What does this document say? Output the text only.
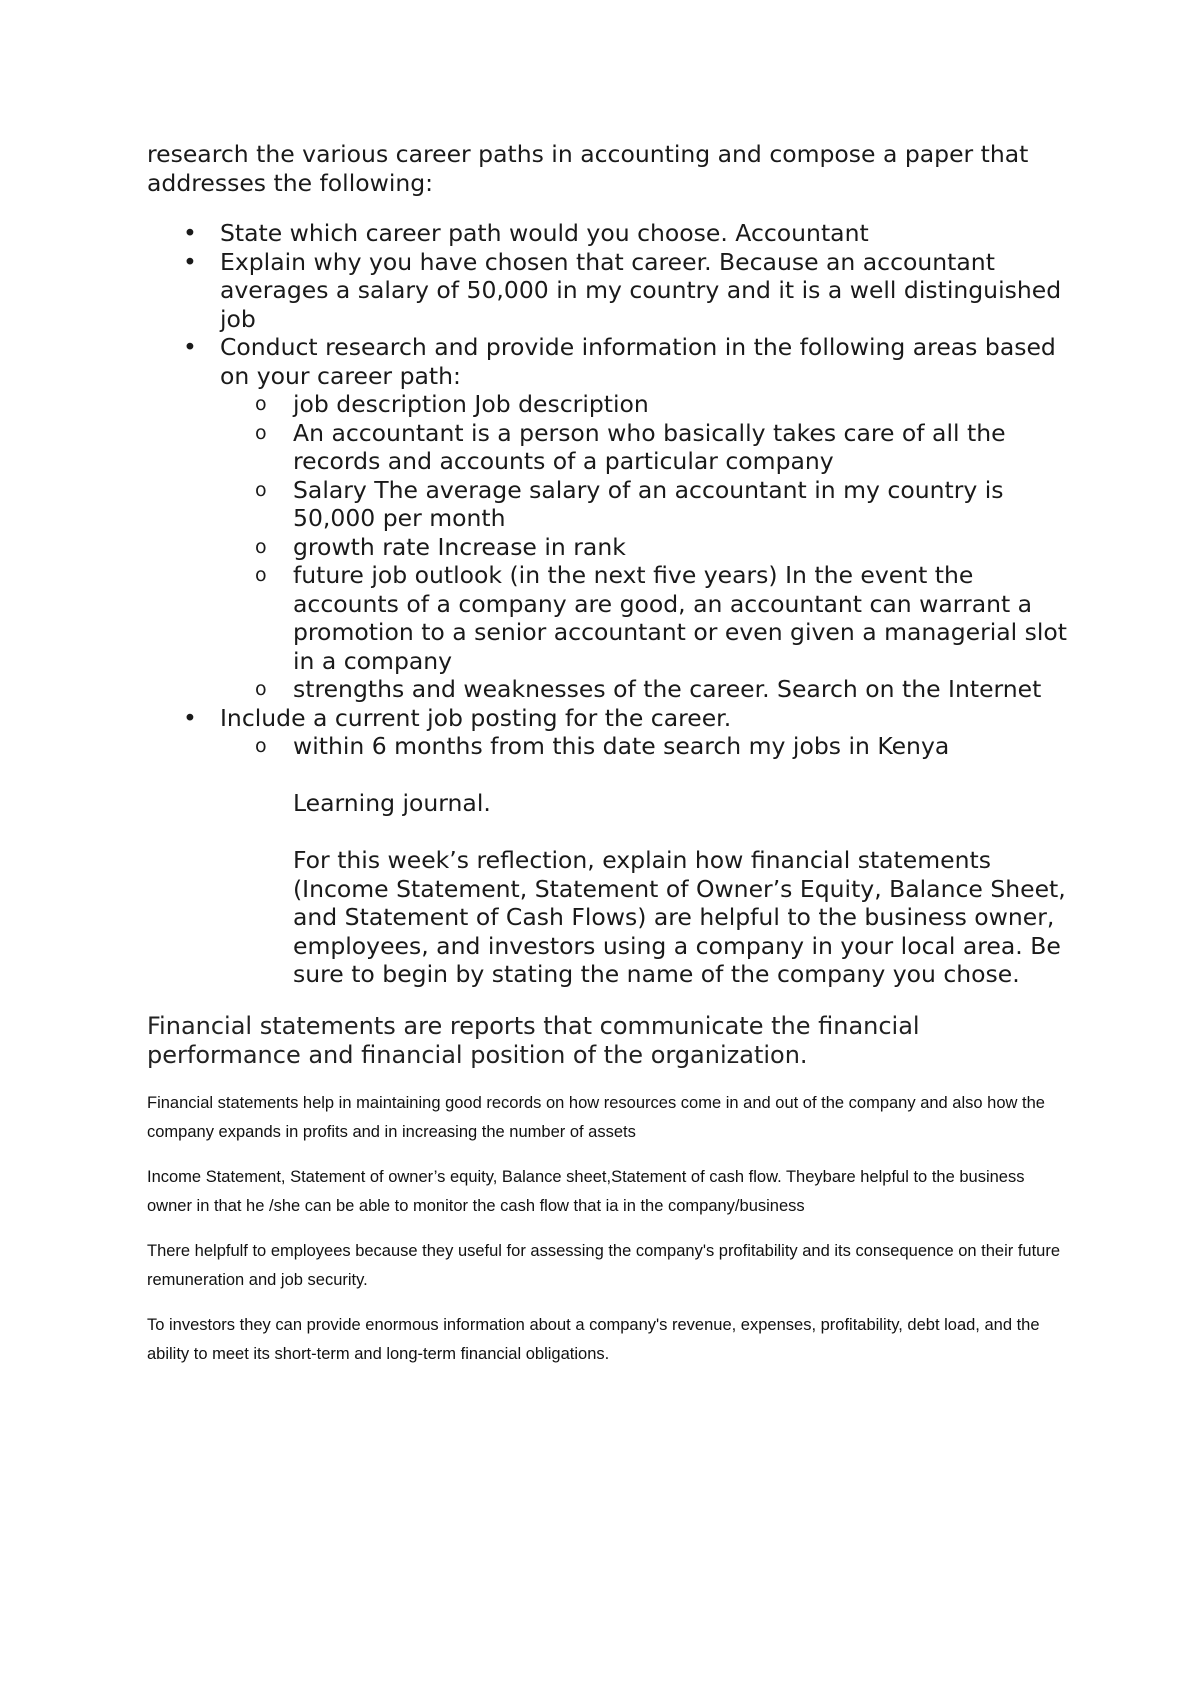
research the various career paths in accounting and compose a paper that addresses the following:

• State which career path would you choose. Accountant
• Explain why you have chosen that career. Because an accountant averages a salary of 50,000 in my country and it is a well distinguished job
• Conduct research and provide information in the following areas based on your career path:
o job description Job description
o An accountant is a person who basically takes care of all the records and accounts of a particular company
o Salary The average salary of an accountant in my country is 50,000 per month
o growth rate Increase in rank
o future job outlook (in the next five years) In the event the accounts of a company are good, an accountant can warrant a promotion to a senior accountant or even given a managerial slot in a company
o strengths and weaknesses of the career. Search on the Internet
• Include a current job posting for the career.
o within 6 months from this date search my jobs in Kenya

Learning journal.

For this week’s reflection, explain how financial statements (Income Statement, Statement of Owner’s Equity, Balance Sheet, and Statement of Cash Flows) are helpful to the business owner, employees, and investors using a company in your local area. Be sure to begin by stating the name of the company you chose.

Financial statements are reports that communicate the financial performance and financial position of the organization.

Financial statements help in maintaining good records on how resources come in and out of the company and also how the company expands in profits and in increasing the number of assets

Income Statement, Statement of owner’s equity, Balance sheet,Statement of cash flow. Theybare helpful to the business owner in that he /she can be able to monitor the cash flow that ia in the company/business

There helpfulf to employees because they useful for assessing the company's profitability and its consequence on their future remuneration and job security.

To investors they can provide enormous information about a company's revenue, expenses, profitability, debt load, and the ability to meet its short-term and long-term financial obligations.
